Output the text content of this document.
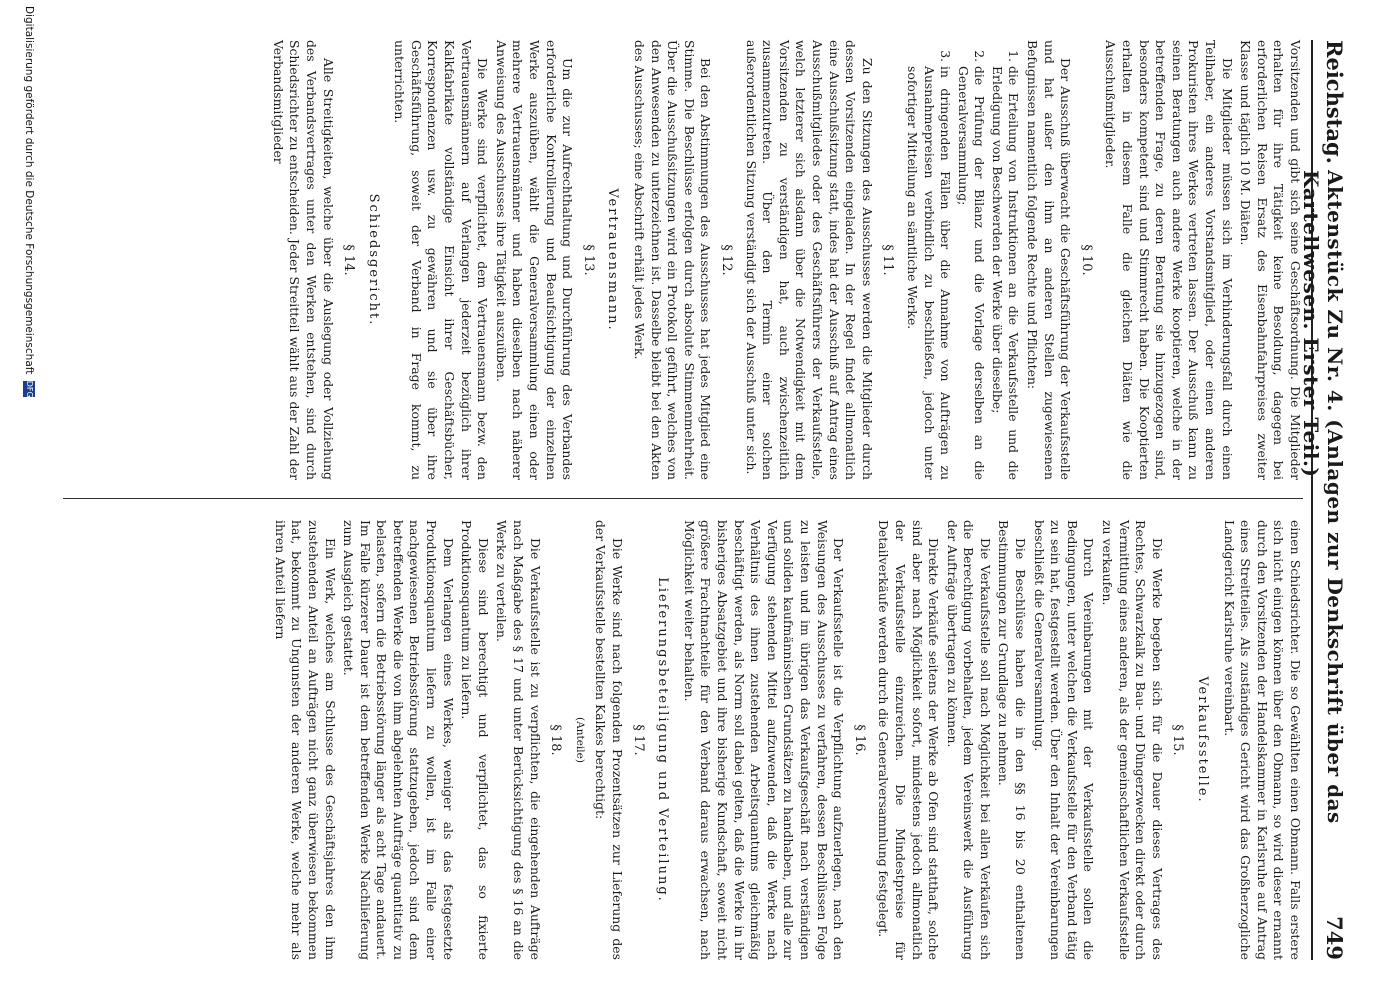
Reichstag.
Aktenstück Zu Nr. 4. (Anlagen zur Denkschrift über das Kartellwesen. Erster Teil.)
749

Vorsitzenden und gibt sich seine Geschäftsordnung. Die Mitglieder erhalten für ihre Tätigkeit keine Besoldung, dagegen bei erforderlichen Reisen Ersatz des Eisenbahnfahrpreises zweiter Klasse und täglich 10 M. Diäten.

Die Mitglieder müssen sich im Verhinderungsfall durch einen Teilhaber, ein anderes Vorstandsmitglied, oder einen anderen Prokuristen ihres Werkes vertreten lassen. Der Ausschuß kann zu seinen Beratungen auch andere Werke kooptieren, welche in der betreffenden Frage, zu deren Beratung sie hinzugezogen sind, besonders kompetent sind und Stimmrecht haben. Die Kooptierten erhalten in diesem Falle die gleichen Diäten wie die Ausschußmitglieder.

§ 10.

Der Ausschuß überwacht die Geschäftsführung der Verkaufsstelle und hat außer den ihm an anderen Stellen zugewiesenen Befugnissen namentlich folgende Rechte und Pflichten:

1. die Erteilung von Instruktionen an die Verkaufsstelle und die Erledigung von Beschwerden der Werke über dieselbe;
2. die Prüfung der Bilanz und die Vorlage derselben an die Generalversammlung;
3. in dringenden Fällen über die Annahme von Aufträgen zu Ausnahmepreisen verbindlich zu beschließen, jedoch unter sofortiger Mitteilung an sämtliche Werke.
§ 11.

Zu den Sitzungen des Ausschusses werden die Mitglieder durch dessen Vorsitzenden eingeladen. In der Regel findet allmonatlich eine Ausschußsitzung statt, indes hat der Ausschuß auf Antrag eines Ausschußmitgliedes oder des Geschäftsführers der Verkaufsstelle, welch letzterer sich alsdann über die Notwendigkeit mit dem Vorsitzenden zu verständigen hat, auch zwischenzeitlich zusammenzutreten. Über den Termin einer solchen außerordentlichen Sitzung verständigt sich der Ausschuß unter sich.

§ 12.

Bei den Abstimmungen des Ausschusses hat jedes Mitglied eine Stimme. Die Beschlüsse erfolgen durch absolute Stimmenmehrheit. Über die Ausschußsitzungen wird ein Protokoll geführt, welches von den Anwesenden zu unterzeichnen ist. Dasselbe bleibt bei den Akten des Ausschusses; eine Abschrift erhält jedes Werk.

Vertrauensmann.
§ 13.

Um die zur Aufrechthaltung und Durchführung des Verbandes erforderliche Kontrollierung und Beaufsichtigung der einzelnen Werke auszuüben, wählt die Generalversammlung einen oder mehrere Vertrauensmänner und haben dieselben nach näherer Anweisung des Ausschusses ihre Tätigkeit auszuüben.

Die Werke sind verpflichtet, dem Vertrauensmann bezw. den Vertrauensmännern auf Verlangen jederzeit bezüglich ihrer Kalkfabrikate vollständige Einsicht ihrer Geschäftsbücher, Korrespondenzen usw. zu gewähren und sie über ihre Geschäftsführung, soweit der Verband in Frage kommt, zu unterrichten.

Schiedsgericht.
§ 14.

Alle Streitigkeiten, welche über die Auslegung oder Vollziehung des Verbandsvertrages unter den Werken entstehen, sind durch Schiedsrichter zu entscheiden. Jeder Streitteil wählt aus der Zahl der Verbandsmitglieder

einen Schiedsrichter. Die so Gewählten einen Obmann. Falls erstere sich nicht einigen können über den Obmann, so wird dieser ernannt durch den Vorsitzenden der Handelskammer in Karlsruhe auf Antrag eines Streitteiles. Als zuständiges Gericht wird das Großherzogliche Landgericht Karlsruhe vereinbart.

Verkaufsstelle.
§ 15.

Die Werke begeben sich für die Dauer dieses Vertrages des Rechtes, Schwarzkalk zu Bau- und Düngerzwecken direkt oder durch Vermittlung eines anderen, als der gemeinschaftlichen Verkaufsstelle zu verkaufen.

Durch Vereinbarungen mit der Verkaufsstelle sollen die Bedingungen, unter welchen die Verkaufsstelle für den Verband tätig zu sein hat, festgestellt werden. Über den Inhalt der Vereinbarungen beschließt die Generalversammlung.

Die Beschlüsse haben die in den §§ 16 bis 20 enthaltenen Bestimmungen zur Grundlage zu nehmen.

Die Verkaufsstelle soll nach Möglichkeit bei allen Verkäufen sich die Berechtigung vorbehalten, jedem Vereinswerk die Ausführung der Aufträge übertragen zu können.

Direkte Verkäufe seitens der Werke ab Ofen sind statthaft, solche sind aber nach Möglichkeit sofort, mindestens jedoch allmonatlich der Verkaufsstelle einzureichen. Die Mindestpreise für Detailverkäufe werden durch die Generalversammlung festgelegt.

§ 16.

Der Verkaufsstelle ist die Verpflichtung aufzuerlegen, nach den Weisungen des Ausschusses zu verfahren, dessen Beschlüssen Folge zu leisten und im übrigen das Verkaufsgeschäft nach verständigen und soliden kaufmännischen Grundsätzen zu handhaben, und alle zur Verfügung stehenden Mittel aufzuwenden, daß die Werke nach Verhältnis des ihnen zustehenden Arbeitsquantums gleichmäßig beschäftigt werden, als Norm soll dabei gelten, daß die Werke in ihr bisheriges Absatzgebiet und ihre bisherige Kundschaft, soweit nicht größere Frachtnachteile für den Verband daraus erwachsen, nach Möglichkeit weiter behalten.

Lieferungsbeteiligung und Verteilung.
§ 17.

Die Werke sind nach folgenden Prozentsätzen zur Lieferung des der Verkaufsstelle bestellten Kalkes berechtigt:

(Anteile)
§ 18.

Die Verkaufsstelle ist zu verpflichten, die eingehenden Aufträge nach Maßgabe des § 17 und unter Berücksichtigung des § 16 an die Werke zu verteilen.

Diese sind berechtigt und verpflichtet, das so fixierte Produktionsquantum zu liefern.

Dem Verlangen eines Werkes, weniger als das festgesetzte Produktionsquantum liefern zu wollen, ist im Falle einer nachgewiesenen Betriebsstörung stattzugeben, jedoch sind dem betreffenden Werke die von ihm abgelehnten Aufträge quantitativ zu belasten, sofern die Betriebsstörung länger als acht Tage andauert. Im Falle kürzerer Dauer ist dem betreffenden Werke Nachlieferung zum Ausgleich gestattet.

Ein Werk, welches am Schlusse des Geschäftsjahres den ihm zustehenden Anteil an Aufträgen nicht ganz überwiesen bekommen hat, bekommt zu Ungunsten der anderen Werke, welche mehr als ihren Anteil liefern

Digitalisierung gefördert durch die Deutsche Forschungsgemeinschaft DFG
